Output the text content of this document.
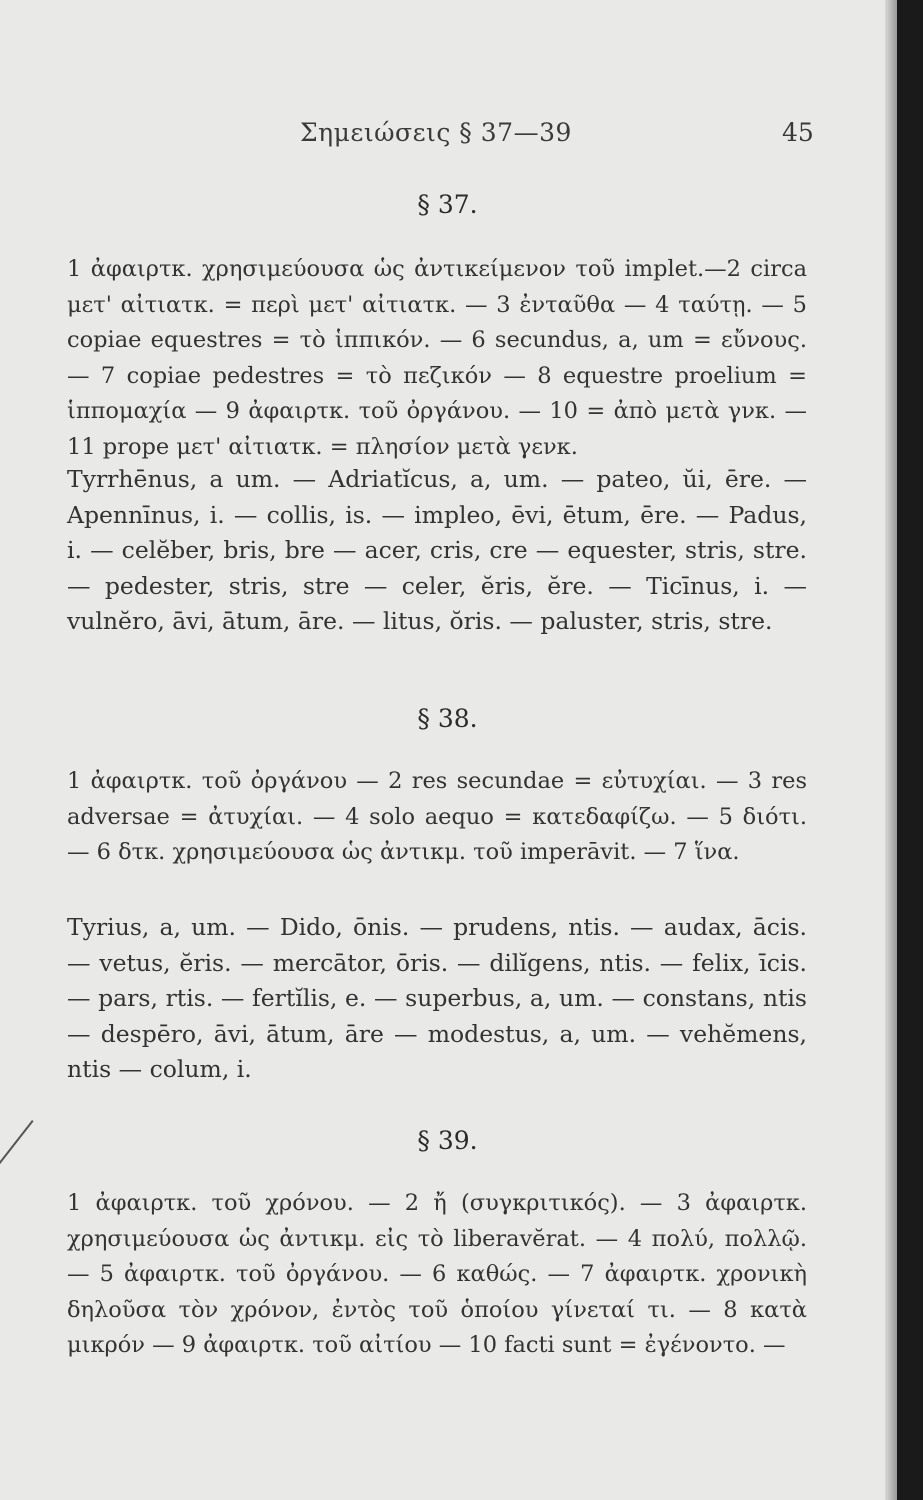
Σημειώσεις § 37—39	45
§ 37.
1 ἀφαιρτκ. χρησιμεύουσα ὡς ἀντικείμενον τοῦ implet.—2 circa μετ' αἰτιατκ. = περὶ μετ' αἰτιατκ. — 3 ἐνταῦθα — 4 ταύτῃ. — 5 copiae equestres = τὸ ἱππικόν. — 6 secundus, a, um = εὔνους. — 7 copiae pedestres = τὸ πεζικόν — 8 equestre proelium = ἱππομαχία — 9 ἀφαιρτκ. τοῦ ὀργάνου. — 10 = ἀπὸ μετὰ γνκ. — 11 prope μετ' αἰτιατκ. = πλησίον μετὰ γενκ.
Tyrrhēnus, a um. — Adriatĭcus, a, um. — pateo, ŭi, ēre. — Apennīnus, i. — collis, is. — impleo, ēvi, ētum, ēre. — Padus, i. — celĕber, bris, bre — acer, cris, cre — equester, stris, stre. — pedester, stris, stre — celer, ĕris, ĕre. — Ticīnus, i. — vulnĕro, āvi, ātum, āre. — litus, ŏris. — paluster, stris, stre.
§ 38.
1 ἀφαιρτκ. τοῦ ὀργάνου — 2 res secundae = εὐτυχίαι. — 3 res adversae = ἀτυχίαι. — 4 solo aequo = κατεδαφίζω. — 5 διότι. — 6 δτκ. χρησιμεύουσα ὡς ἀντικμ. τοῦ imperāvit. — 7 ἵνα.
Tyrius, a, um. — Dido, ōnis. — prudens, ntis. — audax, ācis. — vetus, ĕris. — mercātor, ōris. — dilĭgens, ntis. — felix, īcis. — pars, rtis. — fertĭlis, e. — superbus, a, um. — constans, ntis — despēro, āvi, ātum, āre — modestus, a, um. — vehĕmens, ntis — colum, i.
§ 39.
1 ἀφαιρτκ. τοῦ χρόνου. — 2 ἤ (συγκριτικός). — 3 ἀφαιρτκ. χρησιμεύουσα ὡς ἀντικμ. εἰς τὸ liberavĕrat. — 4 πολύ, πολλῷ. — 5 ἀφαιρτκ. τοῦ ὀργάνου. — 6 καθώς. — 7 ἀφαιρτκ. χρονικὴ δηλοῦσα τὸν χρόνον, ἐντὸς τοῦ ὁποίου γίνεταί τι. — 8 κατὰ μικρόν — 9 ἀφαιρτκ. τοῦ αἰτίου — 10 facti sunt = ἐγένοντο. —
